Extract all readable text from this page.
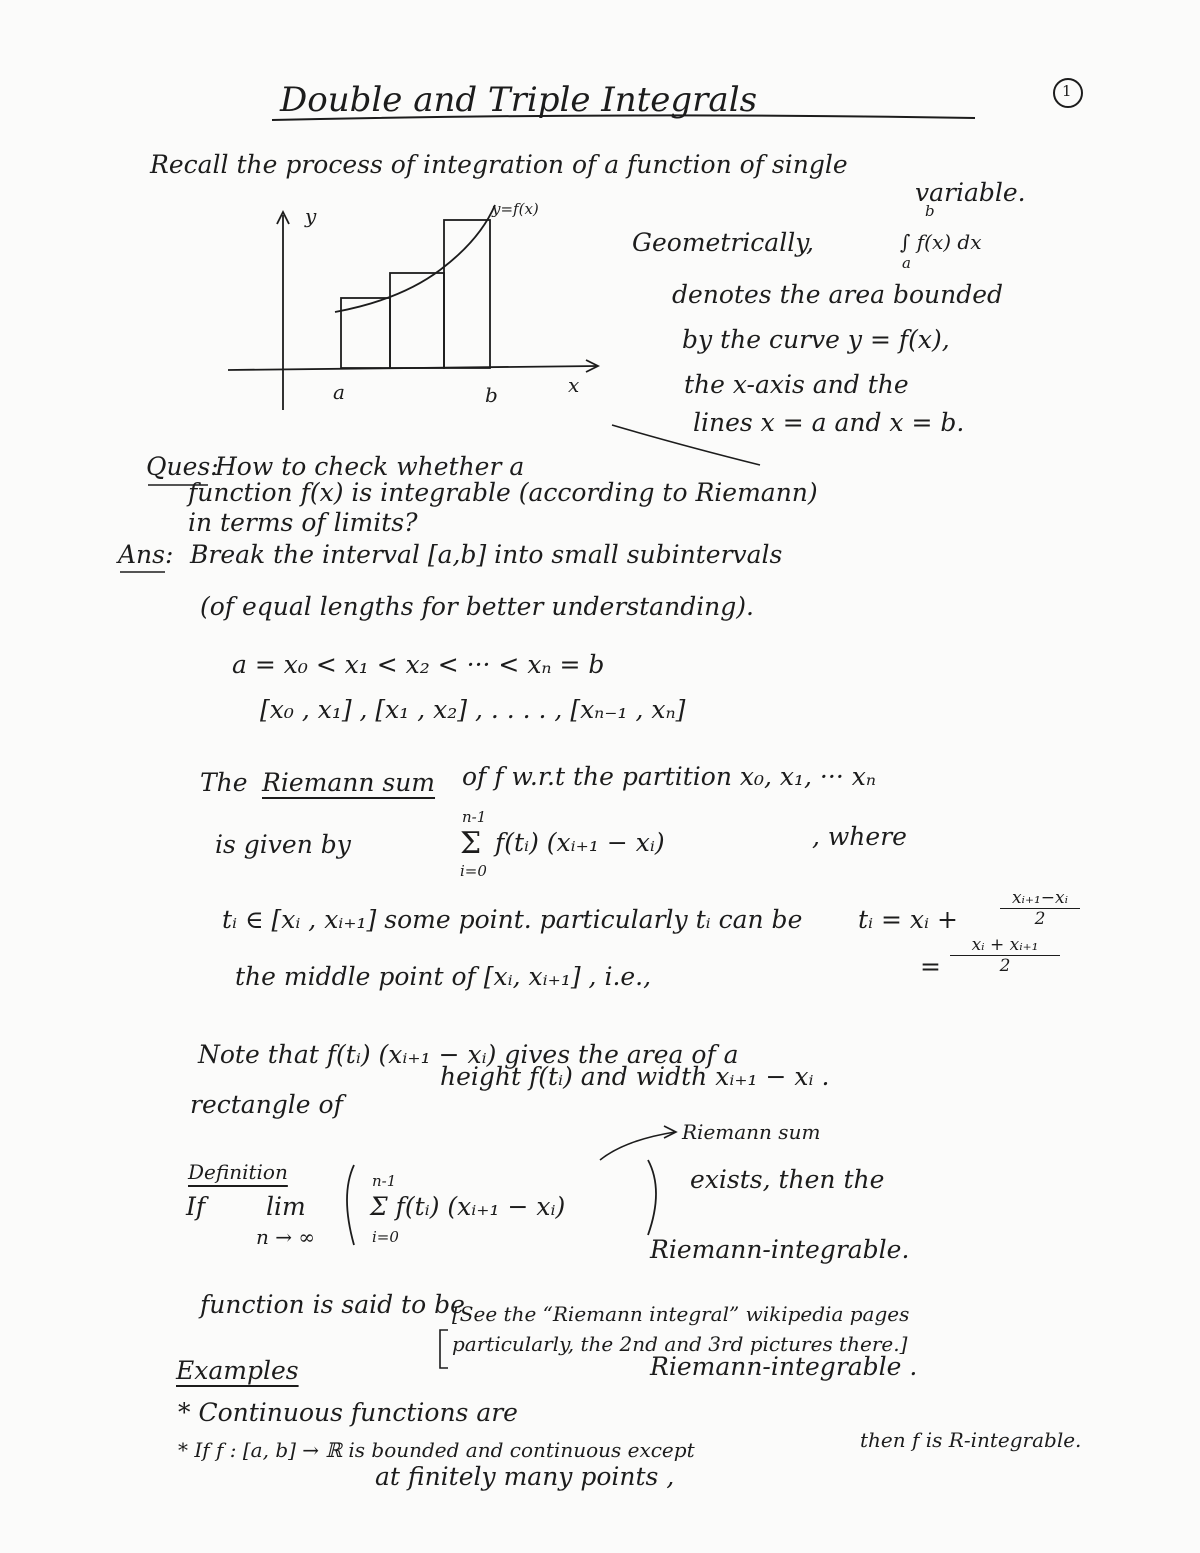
1
Double and Triple Integrals
Recall the process of integration of a function of single
variable.
y	y=f(x)
a	b	x
Geometrically,	∫ f(x) dx
b
a
denotes the area bounded
by the curve y = f(x),
the x-axis and the
lines x = a and x = b.
Ques:
How to check whether a
function f(x) is integrable (according to Riemann)
in terms of limits?
Ans: Break the interval [a,b] into small subintervals
(of equal lengths for better understanding).
a = x₀ < x₁ < x₂ < ··· < xₙ = b
[x₀ , x₁] , [x₁ , x₂] , . . . . , [xₙ₋₁ , xₙ]
The Riemann sum of f w.r.t the partition x₀, x₁, ··· xₙ
is given by
n-1
Σ f(tᵢ) (xᵢ₊₁ − xᵢ)
i=0
, where
tᵢ ∈ [xᵢ , xᵢ₊₁] some point. particularly tᵢ can be
the middle point of [xᵢ, xᵢ₊₁] , i.e.,
tᵢ = xᵢ + $\frac{\text{xᵢ₊₁−xᵢ}}{2}$
= $\frac{\text{xᵢ + xᵢ₊₁}}{2}$
Note that f(tᵢ) (xᵢ₊₁ − xᵢ) gives the area of a
rectangle of
height f(tᵢ) and width xᵢ₊₁ − xᵢ .
Riemann sum
Definition
If lim
n → ∞
n-1
Σ f(tᵢ) (xᵢ₊₁ − xᵢ)
i=0
exists, then the
Riemann-integrable.
function is said to be
[See the “Riemann integral” wikipedia pages
particularly, the 2nd and 3rd pictures there.]
Examples	Riemann-integrable .
* Continuous functions are
* If f : [a, b] → ℝ is bounded and continuous except	then f is R-integrable.
at finitely many points ,
